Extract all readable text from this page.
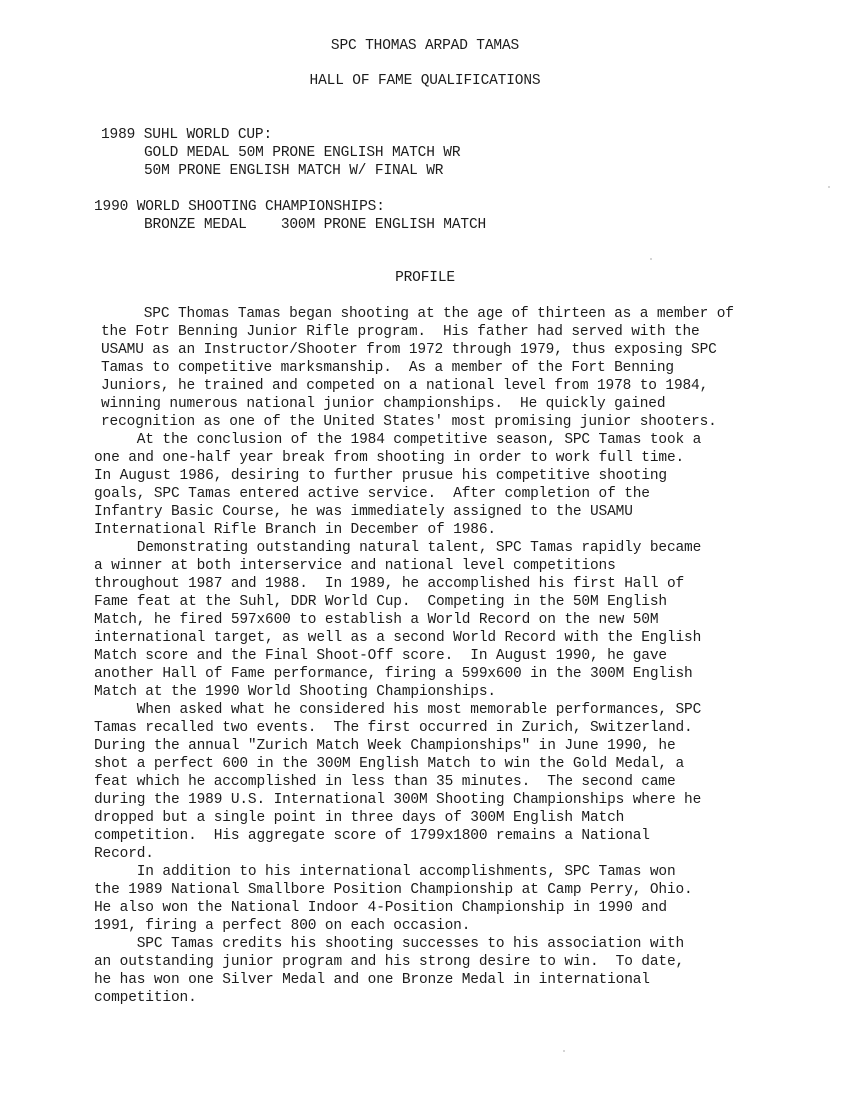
SPC THOMAS ARPAD TAMAS
HALL OF FAME QUALIFICATIONS
1989 SUHL WORLD CUP:
GOLD MEDAL 50M PRONE ENGLISH MATCH WR
50M PRONE ENGLISH MATCH W/ FINAL WR
1990 WORLD SHOOTING CHAMPIONSHIPS:
BRONZE MEDAL    300M PRONE ENGLISH MATCH
PROFILE
SPC Thomas Tamas began shooting at the age of thirteen as a member of
the Fotr Benning Junior Rifle program.  His father had served with the
USAMU as an Instructor/Shooter from 1972 through 1979, thus exposing SPC
Tamas to competitive marksmanship.  As a member of the Fort Benning
Juniors, he trained and competed on a national level from 1978 to 1984,
winning numerous national junior championships.  He quickly gained
recognition as one of the United States' most promising junior shooters.
At the conclusion of the 1984 competitive season, SPC Tamas took a
one and one-half year break from shooting in order to work full time.
In August 1986, desiring to further prusue his competitive shooting
goals, SPC Tamas entered active service.  After completion of the
Infantry Basic Course, he was immediately assigned to the USAMU
International Rifle Branch in December of 1986.
Demonstrating outstanding natural talent, SPC Tamas rapidly became
a winner at both interservice and national level competitions
throughout 1987 and 1988.  In 1989, he accomplished his first Hall of
Fame feat at the Suhl, DDR World Cup.  Competing in the 50M English
Match, he fired 597x600 to establish a World Record on the new 50M
international target, as well as a second World Record with the English
Match score and the Final Shoot-Off score.  In August 1990, he gave
another Hall of Fame performance, firing a 599x600 in the 300M English
Match at the 1990 World Shooting Championships.
When asked what he considered his most memorable performances, SPC
Tamas recalled two events.  The first occurred in Zurich, Switzerland.
During the annual "Zurich Match Week Championships" in June 1990, he
shot a perfect 600 in the 300M English Match to win the Gold Medal, a
feat which he accomplished in less than 35 minutes.  The second came
during the 1989 U.S. International 300M Shooting Championships where he
dropped but a single point in three days of 300M English Match
competition.  His aggregate score of 1799x1800 remains a National
Record.
In addition to his international accomplishments, SPC Tamas won
the 1989 National Smallbore Position Championship at Camp Perry, Ohio.
He also won the National Indoor 4-Position Championship in 1990 and
1991, firing a perfect 800 on each occasion.
SPC Tamas credits his shooting successes to his association with
an outstanding junior program and his strong desire to win.  To date,
he has won one Silver Medal and one Bronze Medal in international
competition.
